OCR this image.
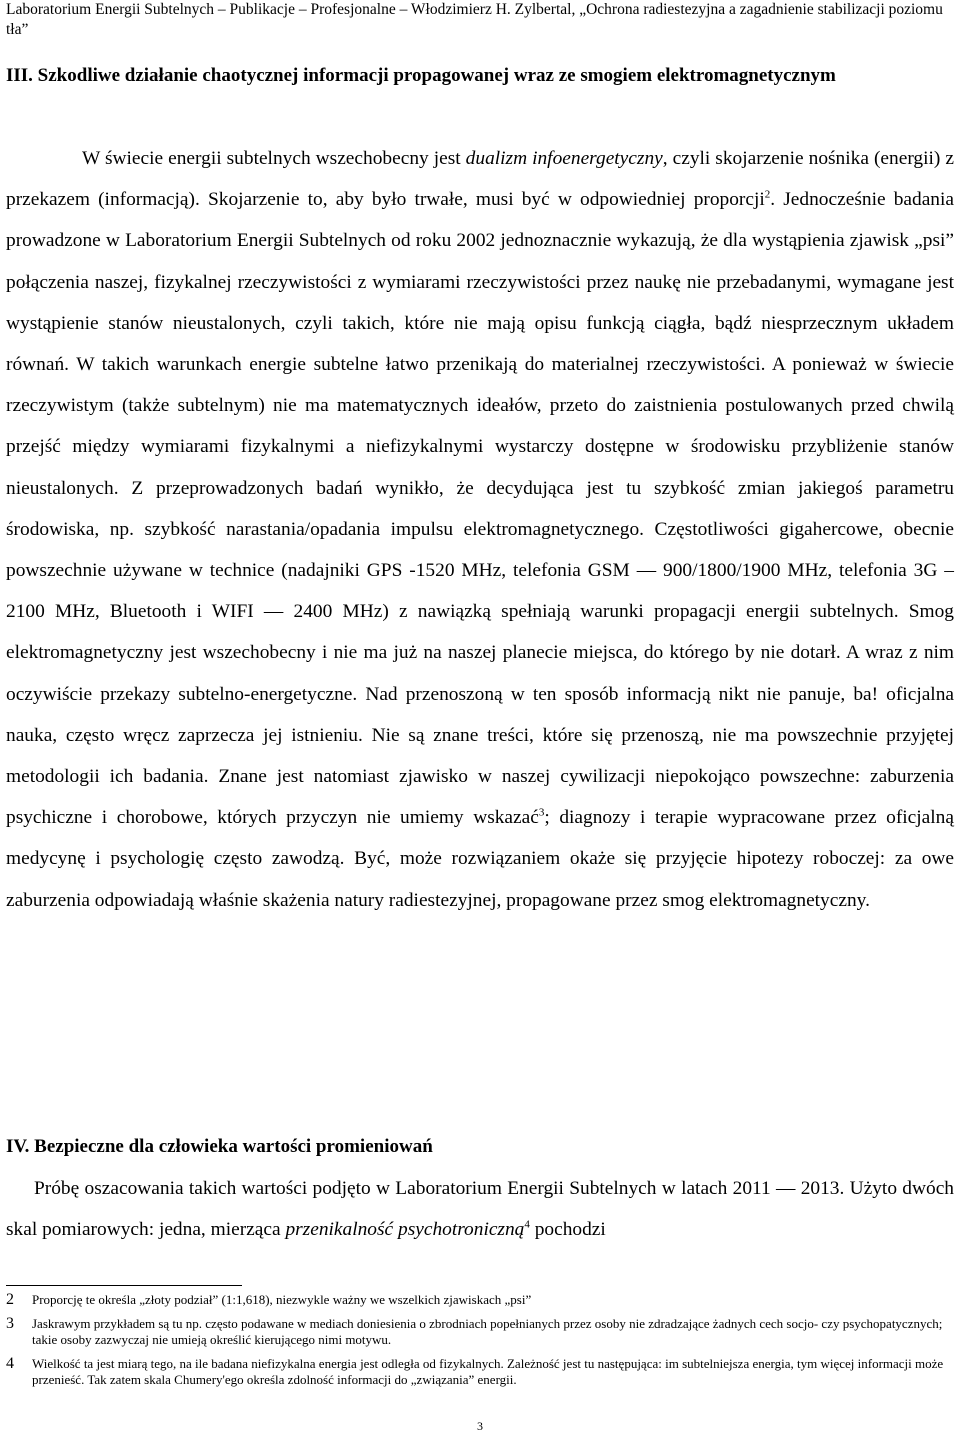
Laboratorium Energii Subtelnych – Publikacje – Profesjonalne – Włodzimierz H. Zylbertal, „Ochrona radiestezyjna a zagadnienie stabilizacji poziomu tła”
III. Szkodliwe działanie chaotycznej informacji propagowanej wraz ze smogiem elektromagnetycznym

W świecie energii subtelnych wszechobecny jest dualizm infoenergetyczny, czyli skojarzenie nośnika (energii) z przekazem (informacją). Skojarzenie to, aby było trwałe, musi być w odpowiedniej proporcji$^2$. Jednocześnie badania prowadzone w Laboratorium Energii Subtelnych od roku 2002 jednoznacznie wykazują, że dla wystąpienia zjawisk „psi” połączenia naszej, fizykalnej rzeczywistości z wymiarami rzeczywistości przez naukę nie przebadanymi, wymagane jest wystąpienie stanów nieustalonych, czyli takich, które nie mają opisu funkcją ciągła, bądź niesprzecznym układem równań. W takich warunkach energie subtelne łatwo przenikają do materialnej rzeczywistości. A ponieważ w świecie rzeczywistym (także subtelnym) nie ma matematycznych ideałów, przeto do zaistnienia postulowanych przed chwilą przejść między wymiarami fizykalnymi a niefizykalnymi wystarczy dostępne w środowisku przybliżenie stanów nieustalonych. Z przeprowadzonych badań wynikło, że decydująca jest tu szybkość zmian jakiegoś parametru środowiska, np. szybkość narastania/opadania impulsu elektromagnetycznego. Częstotliwości gigahercowe, obecnie powszechnie używane w technice (nadajniki GPS -1520 MHz, telefonia GSM — 900/1800/1900 MHz, telefonia 3G – 2100 MHz, Bluetooth i WIFI — 2400 MHz) z nawiązką spełniają warunki propagacji energii subtelnych. Smog elektromagnetyczny jest wszechobecny i nie ma już na naszej planecie miejsca, do którego by nie dotarł. A wraz z nim oczywiście przekazy subtelno-energetyczne. Nad przenoszoną w ten sposób informacją nikt nie panuje, ba! oficjalna nauka, często wręcz zaprzecza jej istnieniu. Nie są znane treści, które się przenoszą, nie ma powszechnie przyjętej metodologii ich badania. Znane jest natomiast zjawisko w naszej cywilizacji niepokojąco powszechne: zaburzenia psychiczne i chorobowe, których przyczyn nie umiemy wskazać$^3$; diagnozy i terapie wypracowane przez oficjalną medycynę i psychologię często zawodzą. Być, może rozwiązaniem okaże się przyjęcie hipotezy roboczej: za owe zaburzenia odpowiadają właśnie skażenia natury radiestezyjnej, propagowane przez smog elektromagnetyczny.

IV. Bezpieczne dla człowieka wartości promieniowań

Próbę oszacowania takich wartości podjęto w Laboratorium Energii Subtelnych w latach 2011 — 2013. Użyto dwóch skal pomiarowych: jedna, mierząca przenikalność psychotroniczną$^4$ pochodzi

2	Proporcję te określa „złoty podział” (1:1,618), niezwykle ważny we wszelkich zjawiskach „psi”
3	Jaskrawym przykładem są tu np. często podawane w mediach doniesienia o zbrodniach popełnianych przez osoby nie zdradzające żadnych cech socjo- czy psychopatycznych; takie osoby zazwyczaj nie umieją określić kierującego nimi motywu.
4	Wielkość ta jest miarą tego, na ile badana niefizykalna energia jest odległa od fizykalnych. Zależność jest tu następująca: im subtelniejsza energia, tym więcej informacji może przenieść. Tak zatem skala Chumery'ego określa zdolność informacji do „związania” energii.
3
